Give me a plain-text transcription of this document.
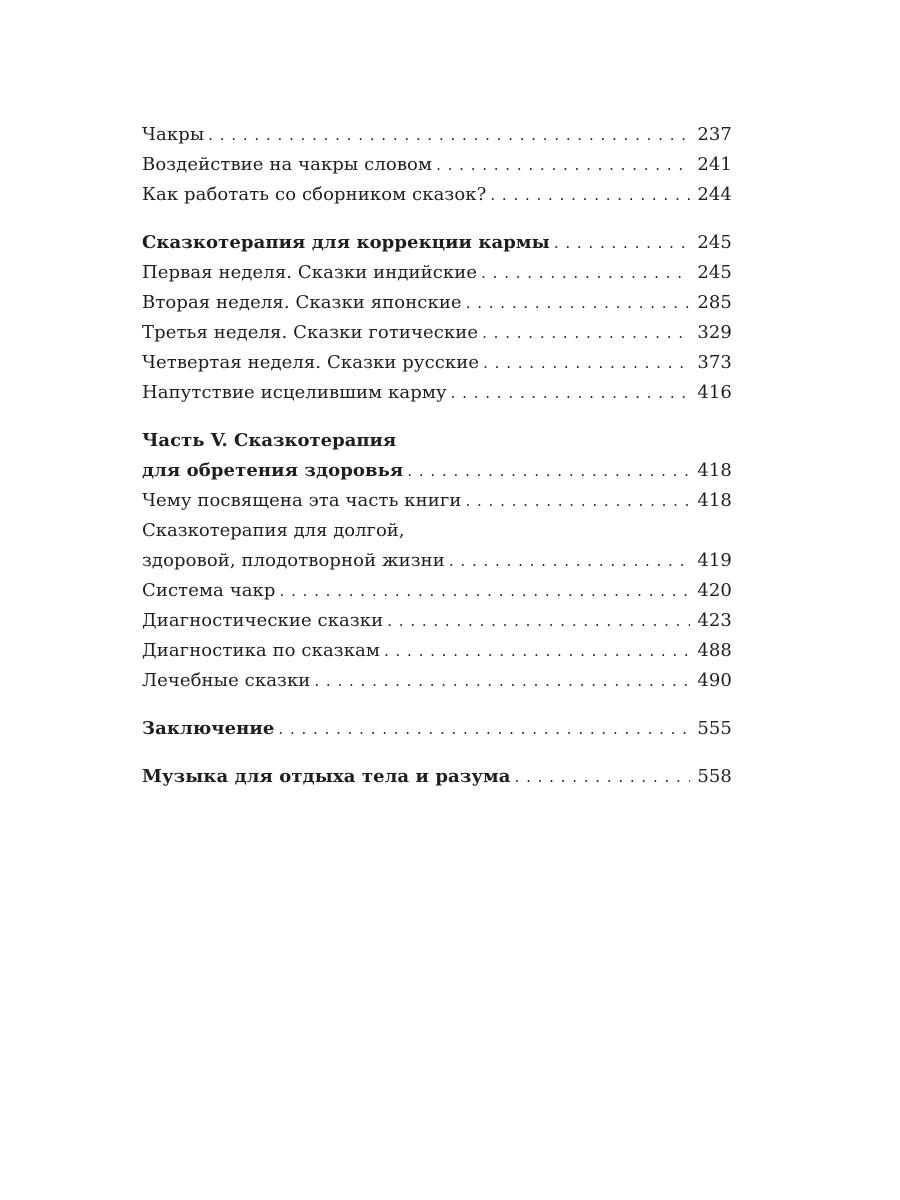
Чакры . . .	237
Воздействие на чакры словом . . .	241
Как работать со сборником сказок? . . .	244
Сказкотерапия для коррекции кармы . . .	245
Первая неделя. Сказки индийские . . .	245
Вторая неделя. Сказки японские . . .	285
Третья неделя. Сказки готические . . .	329
Четвертая неделя. Сказки русские . . .	373
Напутствие исцелившим карму . . .	416
Часть V. Сказкотерапия
для обретения здоровья . . .	418
Чему посвящена эта часть книги . . .	418
Сказкотерапия для долгой,
здоровой, плодотворной жизни . . .	419
Система чакр . . .	420
Диагностические сказки . . .	423
Диагностика по сказкам . . .	488
Лечебные сказки . . .	490
Заключение . . .	555
Музыка для отдыха тела и разума . . .	558
